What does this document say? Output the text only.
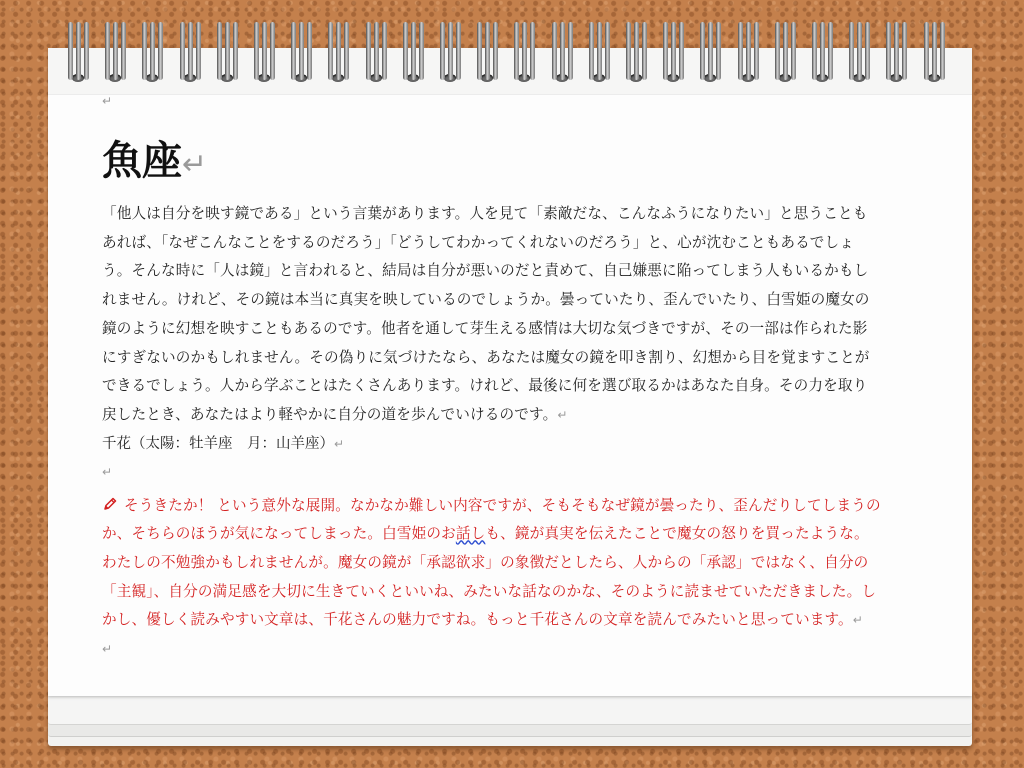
↵
魚座↵
「他人は自分を映す鏡である」という言葉があります。人を見て「素敵だな、こんなふうになりたい」と思うこともあれば、「なぜこんなことをするのだろう」「どうしてわかってくれないのだろう」と、心が沈むこともあるでしょう。そんな時に「人は鏡」と言われると、結局は自分が悪いのだと責めて、自己嫌悪に陥ってしまう人もいるかもしれません。けれど、その鏡は本当に真実を映しているのでしょうか。曇っていたり、歪んでいたり、白雪姫の魔女の鏡のように幻想を映すこともあるのです。他者を通して芽生える感情は大切な気づきですが、その一部は作られた影にすぎないのかもしれません。その偽りに気づけたなら、あなたは魔女の鏡を叩き割り、幻想から目を覚ますことができるでしょう。人から学ぶことはたくさんあります。けれど、最後に何を選び取るかはあなた自身。その力を取り戻したとき、あなたはより軽やかに自分の道を歩んでいけるのです。↵
千花（太陽：牡羊座　月：山羊座）↵
↵
そうきたか！ という意外な展開。なかなか難しい内容ですが、そもそもなぜ鏡が曇ったり、歪んだりしてしまうのか、そちらのほうが気になってしまった。白雪姫のお話しも、鏡が真実を伝えたことで魔女の怒りを買ったような。わたしの不勉強かもしれませんが。魔女の鏡が「承認欲求」の象徴だとしたら、人からの「承認」ではなく、自分の「主観」、自分の満足感を大切に生きていくといいね、みたいな話なのかな、そのように読ませていただきました。しかし、優しく読みやすい文章は、千花さんの魅力ですね。もっと千花さんの文章を読んでみたいと思っています。↵
↵
